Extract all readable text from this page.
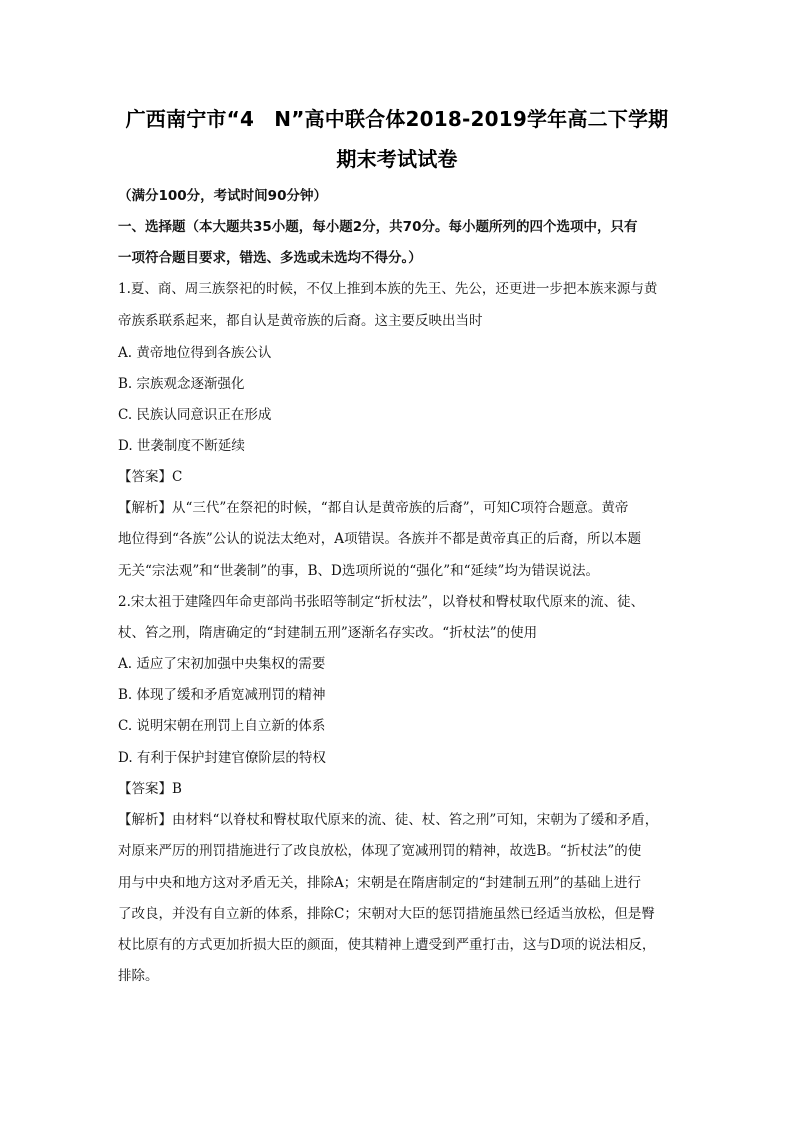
广西南宁市“4　N”高中联合体2018-2019学年高二下学期
期末考试试卷
（满分100分，考试时间90分钟）
一、选择题（本大题共35小题，每小题2分，共70分。每小题所列的四个选项中，只有
一项符合题目要求，错选、多选或未选均不得分。）
1.夏、商、周三族祭祀的时候，不仅上推到本族的先王、先公，还更进一步把本族来源与黄
帝族系联系起来，都自认是黄帝族的后裔。这主要反映出当时
A. 黄帝地位得到各族公认
B. 宗族观念逐渐强化
C. 民族认同意识正在形成
D. 世袭制度不断延续
【答案】C
【解析】从“三代”在祭祀的时候，“都自认是黄帝族的后裔”，可知C项符合题意。黄帝
地位得到“各族”公认的说法太绝对，A项错误。各族并不都是黄帝真正的后裔，所以本题
无关“宗法观”和“世袭制”的事，B、D选项所说的“强化”和“延续”均为错误说法。
2.宋太祖于建隆四年命吏部尚书张昭等制定“折杖法”，以脊杖和臀杖取代原来的流、徒、
杖、笞之刑，隋唐确定的“封建制五刑”逐渐名存实改。“折杖法”的使用
A. 适应了宋初加强中央集权的需要
B. 体现了缓和矛盾宽减刑罚的精神
C. 说明宋朝在刑罚上自立新的体系
D. 有利于保护封建官僚阶层的特权
【答案】B
【解析】由材料“以脊杖和臀杖取代原来的流、徒、杖、笞之刑”可知，宋朝为了缓和矛盾，
对原来严厉的刑罚措施进行了改良放松，体现了宽减刑罚的精神，故选B。“折杖法”的使
用与中央和地方这对矛盾无关，排除A；宋朝是在隋唐制定的“封建制五刑”的基础上进行
了改良，并没有自立新的体系，排除C；宋朝对大臣的惩罚措施虽然已经适当放松，但是臀
杖比原有的方式更加折损大臣的颜面，使其精神上遭受到严重打击，这与D项的说法相反，
排除。
